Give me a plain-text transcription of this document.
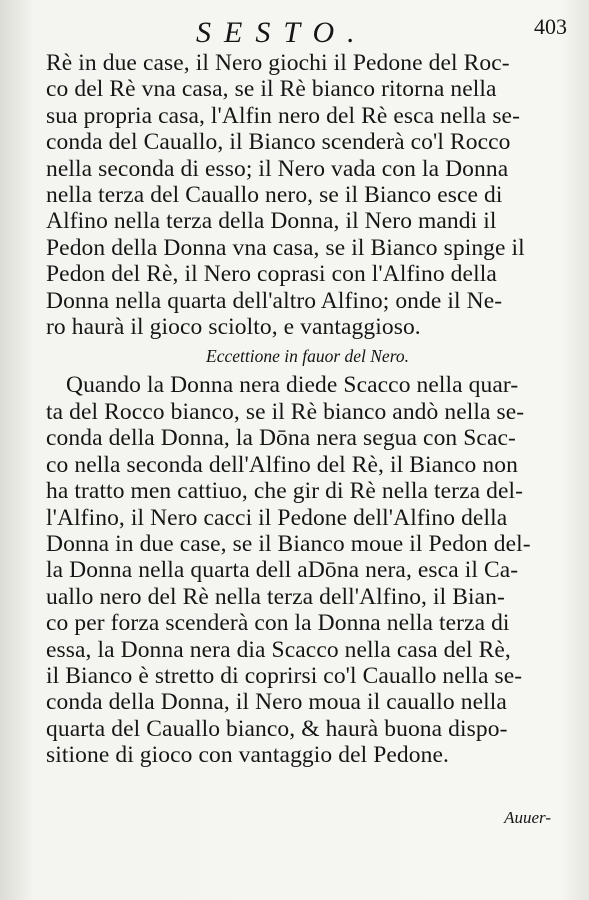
SESTO.	403

Rè in due case, il Nero giochi il Pedone del Roc-
co del Rè vna casa, se il Rè bianco ritorna nella
sua propria casa, l'Alfin nero del Rè esca nella se-
conda del Cauallo, il Bianco scenderà co'l Rocco
nella seconda di esso; il Nero vada con la Donna
nella terza del Cauallo nero, se il Bianco esce di
Alfino nella terza della Donna, il Nero mandi il
Pedon della Donna vna casa, se il Bianco spinge il
Pedon del Rè, il Nero coprasi con l'Alfino della
Donna nella quarta dell'altro Alfino; onde il Ne-
ro haurà il gioco sciolto, e vantaggioso.

Eccettione in fauor del Nero.

Quando la Donna nera diede Scacco nella quar-
ta del Rocco bianco, se il Rè bianco andò nella se-
conda della Donna, la Dōna nera segua con Scac-
co nella seconda dell'Alfino del Rè, il Bianco non
ha tratto men cattiuo, che gir di Rè nella terza del-
l'Alfino, il Nero cacci il Pedone dell'Alfino della
Donna in due case, se il Bianco moue il Pedon del-
la Donna nella quarta dell aDōna nera, esca il Ca-
uallo nero del Rè nella terza dell'Alfino, il Bian-
co per forza scenderà con la Donna nella terza di
essa, la Donna nera dia Scacco nella casa del Rè,
il Bianco è stretto di coprirsi co'l Cauallo nella se-
conda della Donna, il Nero moua il cauallo nella
quarta del Cauallo bianco, & haurà buona dispo-
sitione di gioco con vantaggio del Pedone.

Auuer-
